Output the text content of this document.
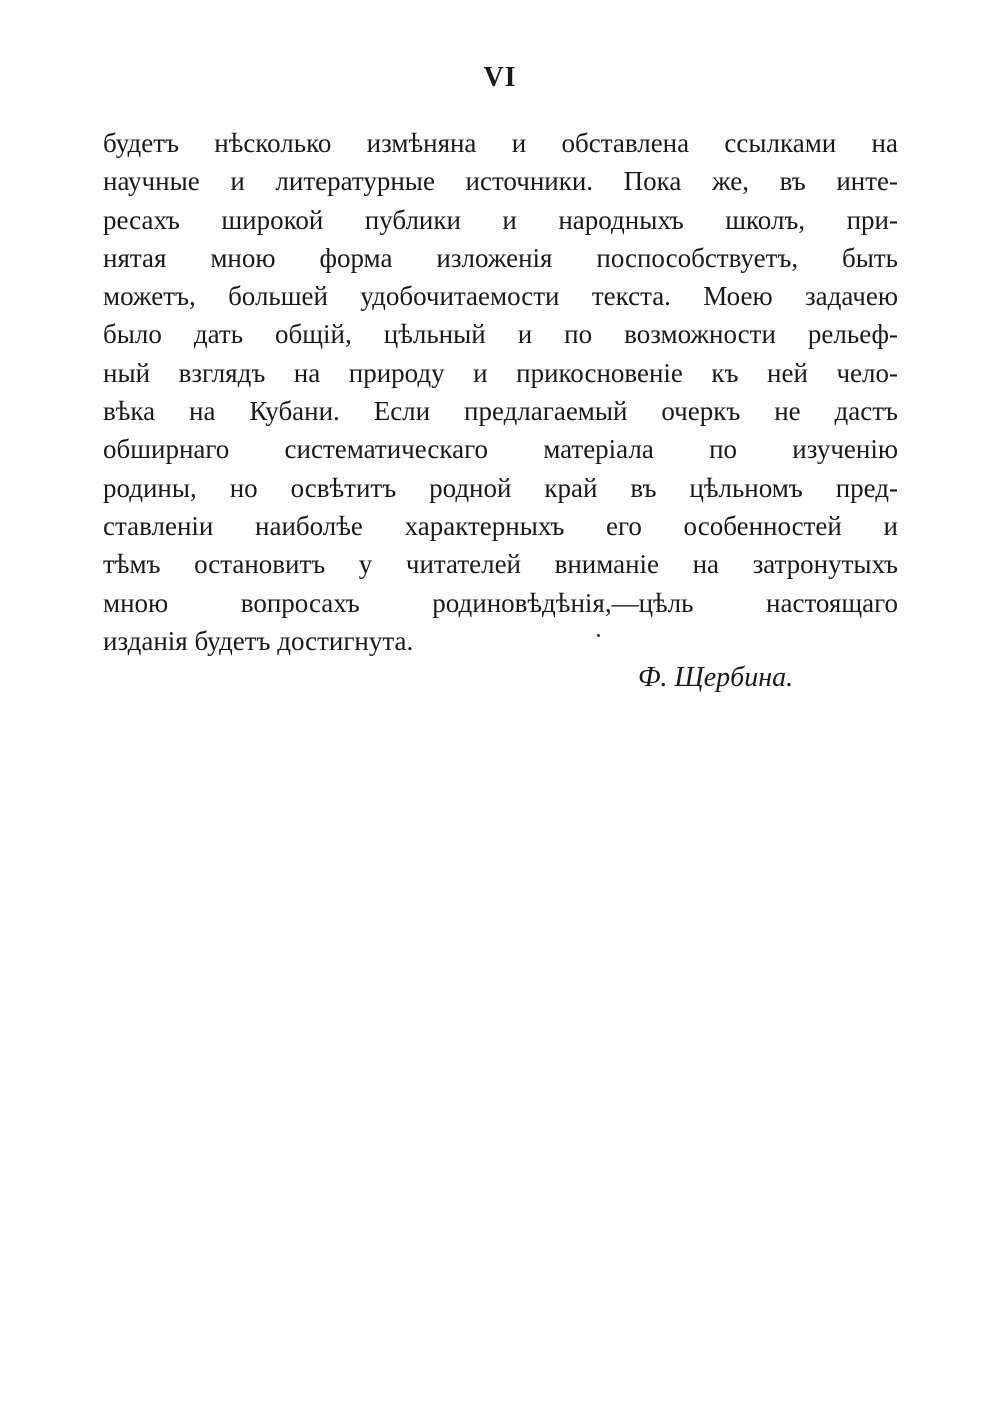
VI
будетъ нѣсколько измѣняна и обставлена ссылками на
научные и литературные источники. Пока же, въ инте-
ресахъ широкой публики и народныхъ школъ, при-
нятая мною форма изложенія поспособствуетъ, быть
можетъ, большей удобочитаемости текста. Моею задачею
было дать общій, цѣльный и по возможности рельеф-
ный взглядъ на природу и прикосновеніе къ ней чело-
вѣка на Кубани. Если предлагаемый очеркъ не дастъ
обширнаго систематическаго матеріала по изученію
родины, но освѣтитъ родной край въ цѣльномъ пред-
ставленіи наиболѣе характерныхъ его особенностей и
тѣмъ остановитъ у читателей вниманіе на затронутыхъ
мною вопросахъ родиновѣдѣнія,—цѣль настоящаго
изданія будетъ достигнута.
Ф. Щербина.
